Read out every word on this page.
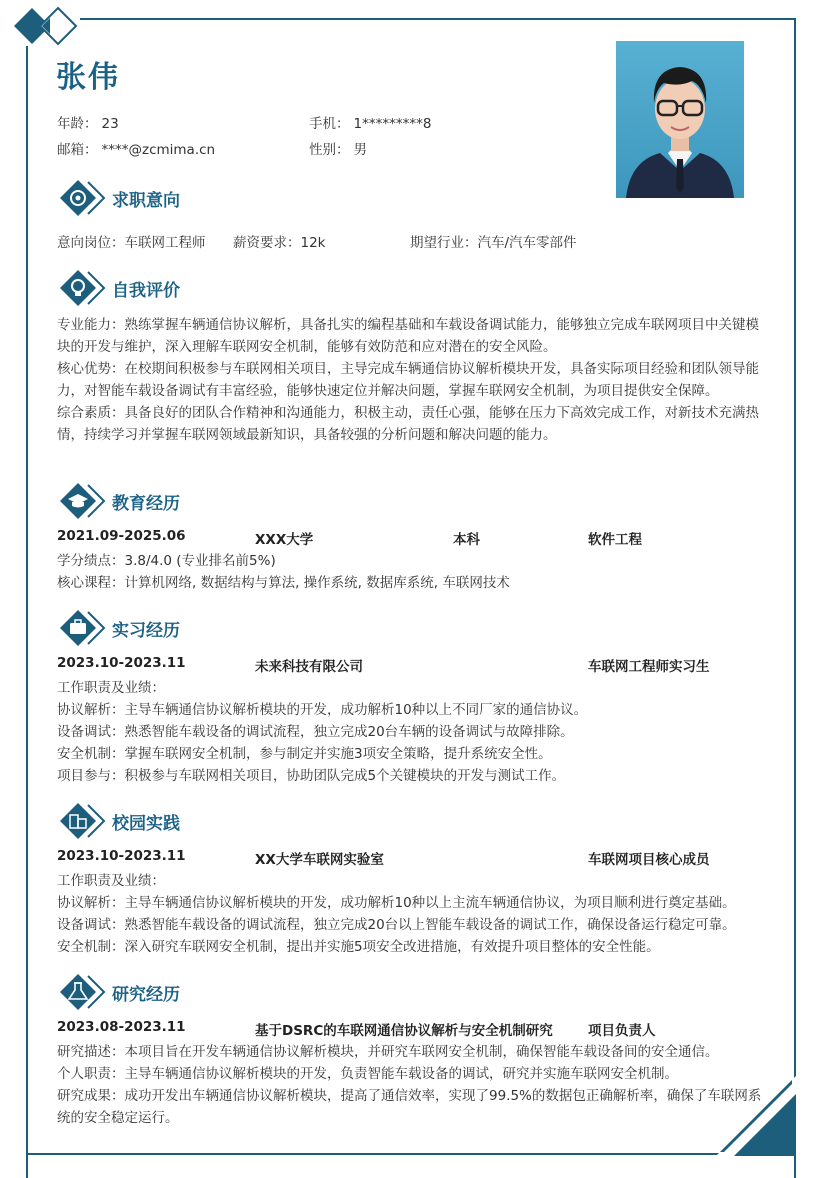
张伟
年龄： 23	手机： 1*********8
邮箱： ****@zcmima.cn	性别： 男
求职意向
意向岗位：车联网工程师 薪资要求：12k	期望行业：汽车/汽车零部件
自我评价

专业能力：熟练掌握车辆通信协议解析，具备扎实的编程基础和车载设备调试能力，能够独立完成车联网项目中关键模块的开发与维护，深入理解车联网安全机制，能够有效防范和应对潜在的安全风险。

核心优势：在校期间积极参与车联网相关项目，主导完成车辆通信协议解析模块开发，具备实际项目经验和团队领导能力，对智能车载设备调试有丰富经验，能够快速定位并解决问题，掌握车联网安全机制，为项目提供安全保障。

综合素质：具备良好的团队合作精神和沟通能力，积极主动，责任心强，能够在压力下高效完成工作，对新技术充满热情，持续学习并掌握车联网领域最新知识，具备较强的分析问题和解决问题的能力。

教育经历
2021.09-2025.06	XXX大学	本科	软件工程

学分绩点：3.8/4.0 (专业排名前5%)

核心课程：计算机网络, 数据结构与算法, 操作系统, 数据库系统, 车联网技术

实习经历
2023.10-2023.11	未来科技有限公司	车联网工程师实习生

工作职责及业绩：

协议解析：主导车辆通信协议解析模块的开发，成功解析10种以上不同厂家的通信协议。

设备调试：熟悉智能车载设备的调试流程，独立完成20台车辆的设备调试与故障排除。

安全机制：掌握车联网安全机制，参与制定并实施3项安全策略，提升系统安全性。

项目参与：积极参与车联网相关项目，协助团队完成5个关键模块的开发与测试工作。

校园实践
2023.10-2023.11	XX大学车联网实验室	车联网项目核心成员

工作职责及业绩：

协议解析：主导车辆通信协议解析模块的开发，成功解析10种以上主流车辆通信协议，为项目顺利进行奠定基础。

设备调试：熟悉智能车载设备的调试流程，独立完成20台以上智能车载设备的调试工作，确保设备运行稳定可靠。

安全机制：深入研究车联网安全机制，提出并实施5项安全改进措施，有效提升项目整体的安全性能。

研究经历
2023.08-2023.11	基于DSRC的车联网通信协议解析与安全机制研究	项目负责人

研究描述：本项目旨在开发车辆通信协议解析模块，并研究车联网安全机制，确保智能车载设备间的安全通信。

个人职责：主导车辆通信协议解析模块的开发，负责智能车载设备的调试，研究并实施车联网安全机制。

研究成果：成功开发出车辆通信协议解析模块，提高了通信效率，实现了99.5%的数据包正确解析率，确保了车联网系统的安全稳定运行。
